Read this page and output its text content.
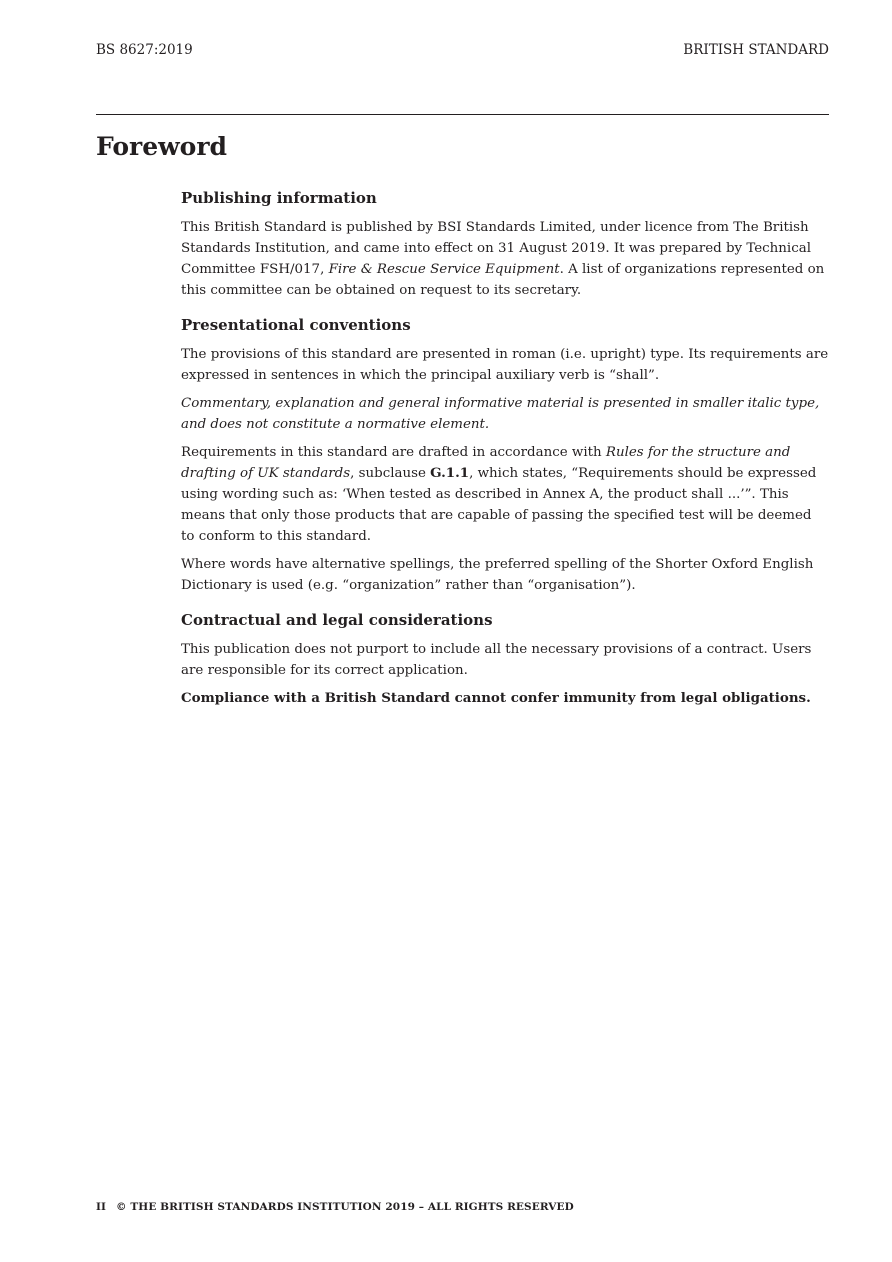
BS 8627:2019	BRITISH STANDARD
Foreword
Publishing information

This British Standard is published by BSI Standards Limited, under licence from The British Standards Institution, and came into effect on 31 August 2019. It was prepared by Technical Committee FSH/017, Fire & Rescue Service Equipment. A list of organizations represented on this committee can be obtained on request to its secretary.

Presentational conventions

The provisions of this standard are presented in roman (i.e. upright) type. Its requirements are expressed in sentences in which the principal auxiliary verb is “shall”.

Commentary, explanation and general informative material is presented in smaller italic type, and does not constitute a normative element.

Requirements in this standard are drafted in accordance with Rules for the structure and drafting of UK standards, subclause G.1.1, which states, “Requirements should be expressed using wording such as: ‘When tested as described in Annex A, the product shall ...’”. This means that only those products that are capable of passing the specified test will be deemed to conform to this standard.

Where words have alternative spellings, the preferred spelling of the Shorter Oxford English Dictionary is used (e.g. “organization” rather than “organisation”).

Contractual and legal considerations

This publication does not purport to include all the necessary provisions of a contract. Users are responsible for its correct application.

Compliance with a British Standard cannot confer immunity from legal obligations.

II © THE BRITISH STANDARDS INSTITUTION 2019 – ALL RIGHTS RESERVED
